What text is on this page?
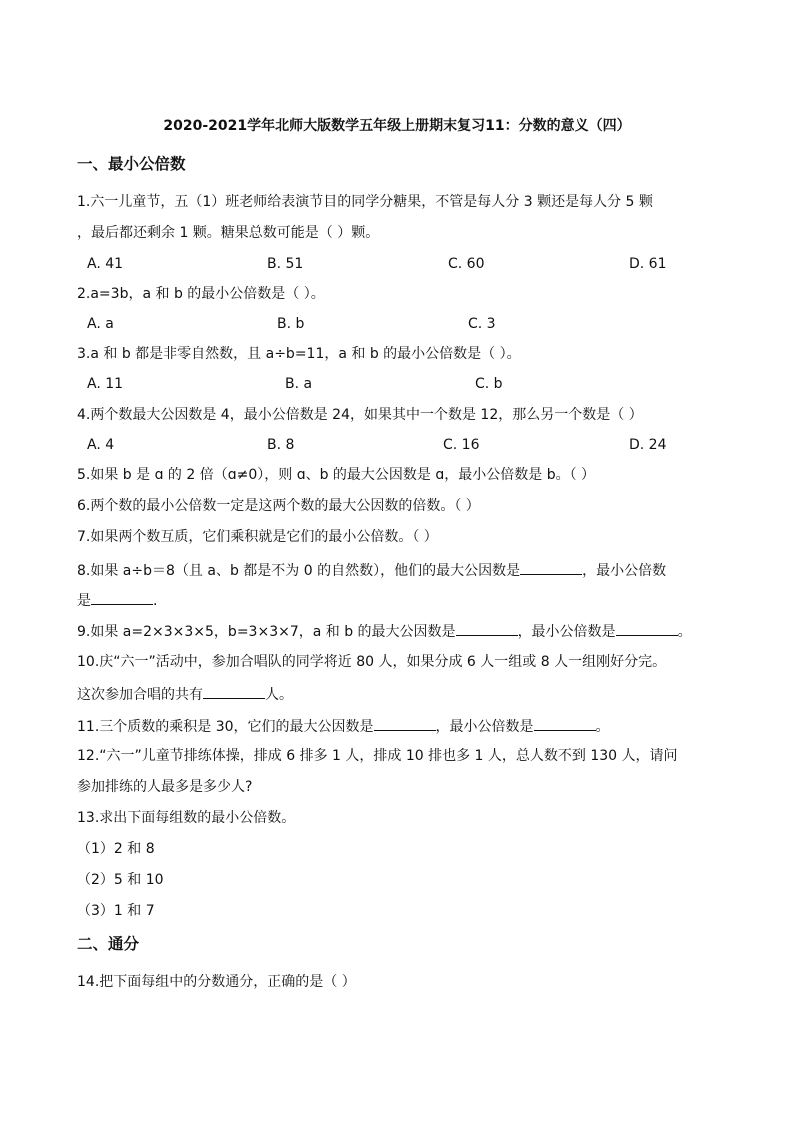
2020-2021学年北师大版数学五年级上册期末复习11：分数的意义（四）
一、最小公倍数
1.六一儿童节，五（1）班老师给表演节目的同学分糖果，不管是每人分 3 颗还是每人分 5 颗
，最后都还剩余 1 颗。糖果总数可能是（ ）颗。
A. 41	B. 51	C. 60	D. 61
2.a=3b，a 和 b 的最小公倍数是（ ）。
A. a	B. b	C. 3
3.a 和 b 都是非零自然数，且 a÷b=11，a 和 b 的最小公倍数是（ ）。
A. 11	B. a	C. b
4.两个数最大公因数是 4，最小公倍数是 24，如果其中一个数是 12，那么另一个数是（ ）
A. 4	B. 8	C. 16	D. 24
5.如果 b 是 ɑ 的 2 倍（ɑ≠0），则 ɑ、b 的最大公因数是 ɑ，最小公倍数是 b。（ ）
6.两个数的最小公倍数一定是这两个数的最大公因数的倍数。（ ）
7.如果两个数互质，它们乘积就是它们的最小公倍数。（ ）
8.如果 a÷b＝8（且 a、b 都是不为 0 的自然数），他们的最大公因数是	，最小公倍数
是	.
9.如果 a=2×3×3×5，b=3×3×7，a 和 b 的最大公因数是	，最小公倍数是	。
10.庆“六一”活动中，参加合唱队的同学将近 80 人，如果分成 6 人一组或 8 人一组刚好分完。
这次参加合唱的共有	人。
11.三个质数的乘积是 30，它们的最大公因数是	，最小公倍数是	。
12.“六一”儿童节排练体操，排成 6 排多 1 人，排成 10 排也多 1 人，总人数不到 130 人，请问
参加排练的人最多是多少人?
13.求出下面每组数的最小公倍数。
（1）2 和 8
（2）5 和 10
（3）1 和 7
二、通分
14.把下面每组中的分数通分，正确的是（ ）
